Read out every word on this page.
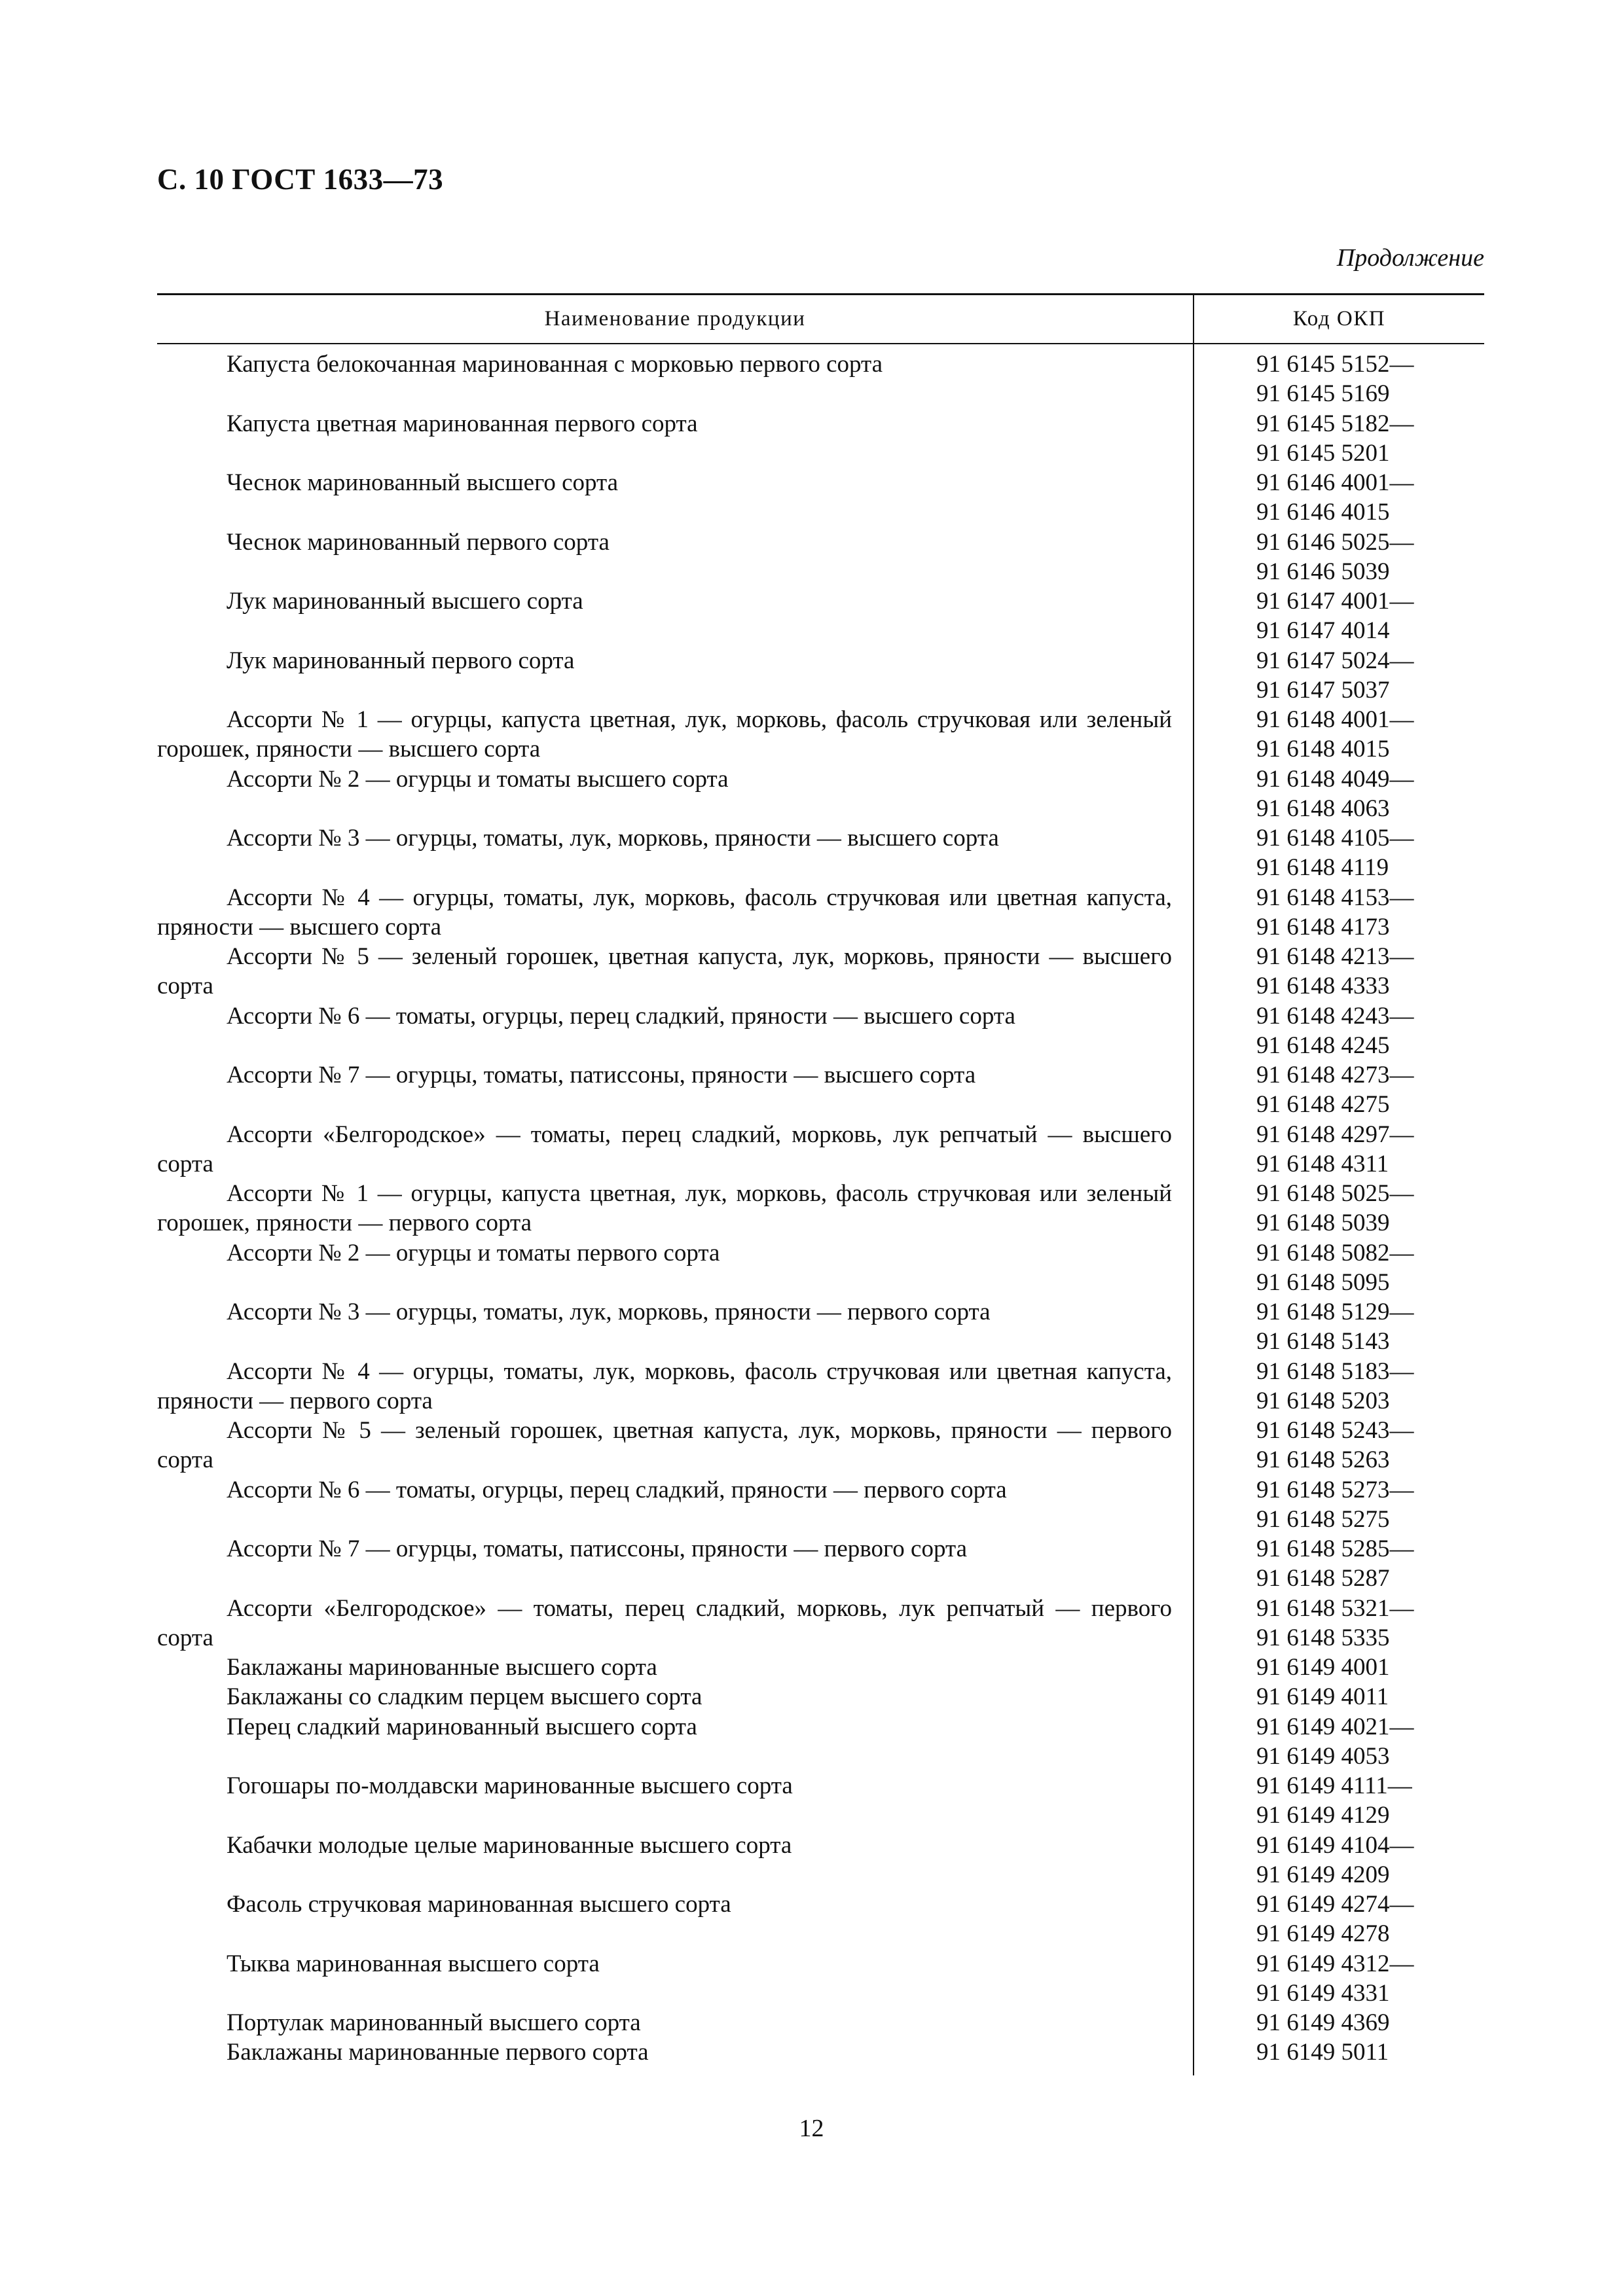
С. 10 ГОСТ 1633—73
Продолжение
Наименование продукции	Код ОКП
Капуста белокочанная маринованная с морковью первого сорта
Капуста цветная маринованная первого сорта
Чеснок маринованный высшего сорта
Чеснок маринованный первого сорта
Лук маринованный высшего сорта
Лук маринованный первого сорта
Ассорти № 1 — огурцы, капуста цветная, лук, морковь, фасоль стручковая или зеленый горошек, пряности — высшего сорта
Ассорти № 2 — огурцы и томаты высшего сорта
Ассорти № 3 — огурцы, томаты, лук, морковь, пряности — высшего сорта
Ассорти № 4 — огурцы, томаты, лук, морковь, фасоль стручковая или цветная капуста, пряности — высшего сорта
Ассорти № 5 — зеленый горошек, цветная капуста, лук, морковь, пряности — высшего сорта
Ассорти № 6 — томаты, огурцы, перец сладкий, пряности — высшего сорта
Ассорти № 7 — огурцы, томаты, патиссоны, пряности — высшего сорта
Ассорти «Белгородское» — томаты, перец сладкий, морковь, лук репчатый — высшего сорта
Ассорти № 1 — огурцы, капуста цветная, лук, морковь, фасоль стручковая или зеленый горошек, пряности — первого сорта
Ассорти № 2 — огурцы и томаты первого сорта
Ассорти № 3 — огурцы, томаты, лук, морковь, пряности — первого сорта
Ассорти № 4 — огурцы, томаты, лук, морковь, фасоль стручковая или цветная капуста, пряности — первого сорта
Ассорти № 5 — зеленый горошек, цветная капуста, лук, морковь, пряности — первого сорта
Ассорти № 6 — томаты, огурцы, перец сладкий, пряности — первого сорта
Ассорти № 7 — огурцы, томаты, патиссоны, пряности — первого сорта
Ассорти «Белгородское» — томаты, перец сладкий, морковь, лук репчатый — первого сорта
Баклажаны маринованные высшего сорта
Баклажаны со сладким перцем высшего сорта
Перец сладкий маринованный высшего сорта
Гогошары по-молдавски маринованные высшего сорта
Кабачки молодые целые маринованные высшего сорта
Фасоль стручковая маринованная высшего сорта
Тыква маринованная высшего сорта
Портулак маринованный высшего сорта
Баклажаны маринованные первого сорта
91 6145 5152—
91 6145 5169
91 6145 5182—
91 6145 5201
91 6146 4001—
91 6146 4015
91 6146 5025—
91 6146 5039
91 6147 4001—
91 6147 4014
91 6147 5024—
91 6147 5037
91 6148 4001—
91 6148 4015
91 6148 4049—
91 6148 4063
91 6148 4105—
91 6148 4119
91 6148 4153—
91 6148 4173
91 6148 4213—
91 6148 4333
91 6148 4243—
91 6148 4245
91 6148 4273—
91 6148 4275
91 6148 4297—
91 6148 4311
91 6148 5025—
91 6148 5039
91 6148 5082—
91 6148 5095
91 6148 5129—
91 6148 5143
91 6148 5183—
91 6148 5203
91 6148 5243—
91 6148 5263
91 6148 5273—
91 6148 5275
91 6148 5285—
91 6148 5287
91 6148 5321—
91 6148 5335
91 6149 4001
91 6149 4011
91 6149 4021—
91 6149 4053
91 6149 4111—
91 6149 4129
91 6149 4104—
91 6149 4209
91 6149 4274—
91 6149 4278
91 6149 4312—
91 6149 4331
91 6149 4369
91 6149 5011
12
